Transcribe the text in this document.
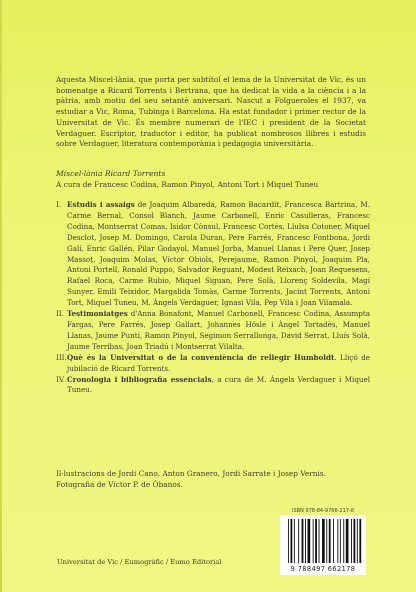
Aquesta Miscel·lània, que porta per subtítol el lema de la Universitat de Vic, és un homenatge a Ricard Torrents i Bertrana, que ha dedicat la vida a la ciència i a la pàtria, amb motiu del seu setantè aniversari. Nascut a Folgueroles el 1937, va estudiar a Vic, Roma, Tubinga i Barcelona. Ha estat fundador i primer rector de la Universitat de Vic. És membre numerari de l'IEC i president de la Societat Verdaguer. Escriptor, traductor i editor, ha publicat nombrosos llibres i estudis sobre Verdaguer, literatura contemporània i pedagogia universitària.

Miscel·lània Ricard Torrents
A cura de Francesc Codina, Ramon Pinyol, Antoni Tort i Miquel Tuneu

I. Estudis i assaigs de Joaquim Albareda, Ramon Bacardit, Francesca Bartrina, M. Carme Bernal, Consol Blanch, Jaume Carbonell, Enric Casulleras, Francesc Codina, Montserrat Comas, Isidor Cònsul, Francesc Cortès, Lluïsa Cotoner, Miquel Desclot, Josep M. Domingo, Carola Duran, Pere Farrés, Francesc Fontbona, Jordi Galí, Enric Gallén, Pilar Godayol, Manuel Jorba, Manuel Llanas i Pere Quer, Josep Massot, Joaquim Molas, Víctor Obiols, Perejaume, Ramon Pinyol, Joaquim Pla, Antoni Portell, Ronald Puppo, Salvador Reguant, Modest Reixach, Joan Requesens, Rafael Roca, Carme Rubio, Miquel Siguan, Pere Solà, Llorenç Soldevila, Magí Sunyer, Emili Teixidor, Margalida Tomàs, Carme Torrents, Jacint Torrents, Antoni Tort, Miquel Tuneu, M. Àngels Verdaguer, Ignasi Vila, Pep Vila i Joan Vilamala.

II. Testimoniatges d'Anna Bonafont, Manuel Carbonell, Francesc Codina, Assumpta Fargas, Pere Farrés, Josep Gallart, Johannes Hösle i Àngel Tortadès, Manuel Llanas, Jaume Puntí, Ramon Pinyol, Segimon Serrallonga, David Serrat, Lluís Solà, Jaume Terribas, Joan Triadú i Montserrat Vilalta.

III. Què és la Universitat o de la conveniència de rellegir Humboldt. Lliçó de jubilació de Ricard Torrents.

IV. Cronologia i bibliografia essencials, a cura de M. Àngels Verdaguer i Miquel Tuneu.

Il·lustracions de Jordi Cano, Anton Granero, Jordi Sarrate i Josep Vernis.

Fotografia de Víctor P. de Óbanos.

Universitat de Vic / Eumogràfic / Eumo Editorial
ISBN 978-84-9766-217-8
9 788497 662178
